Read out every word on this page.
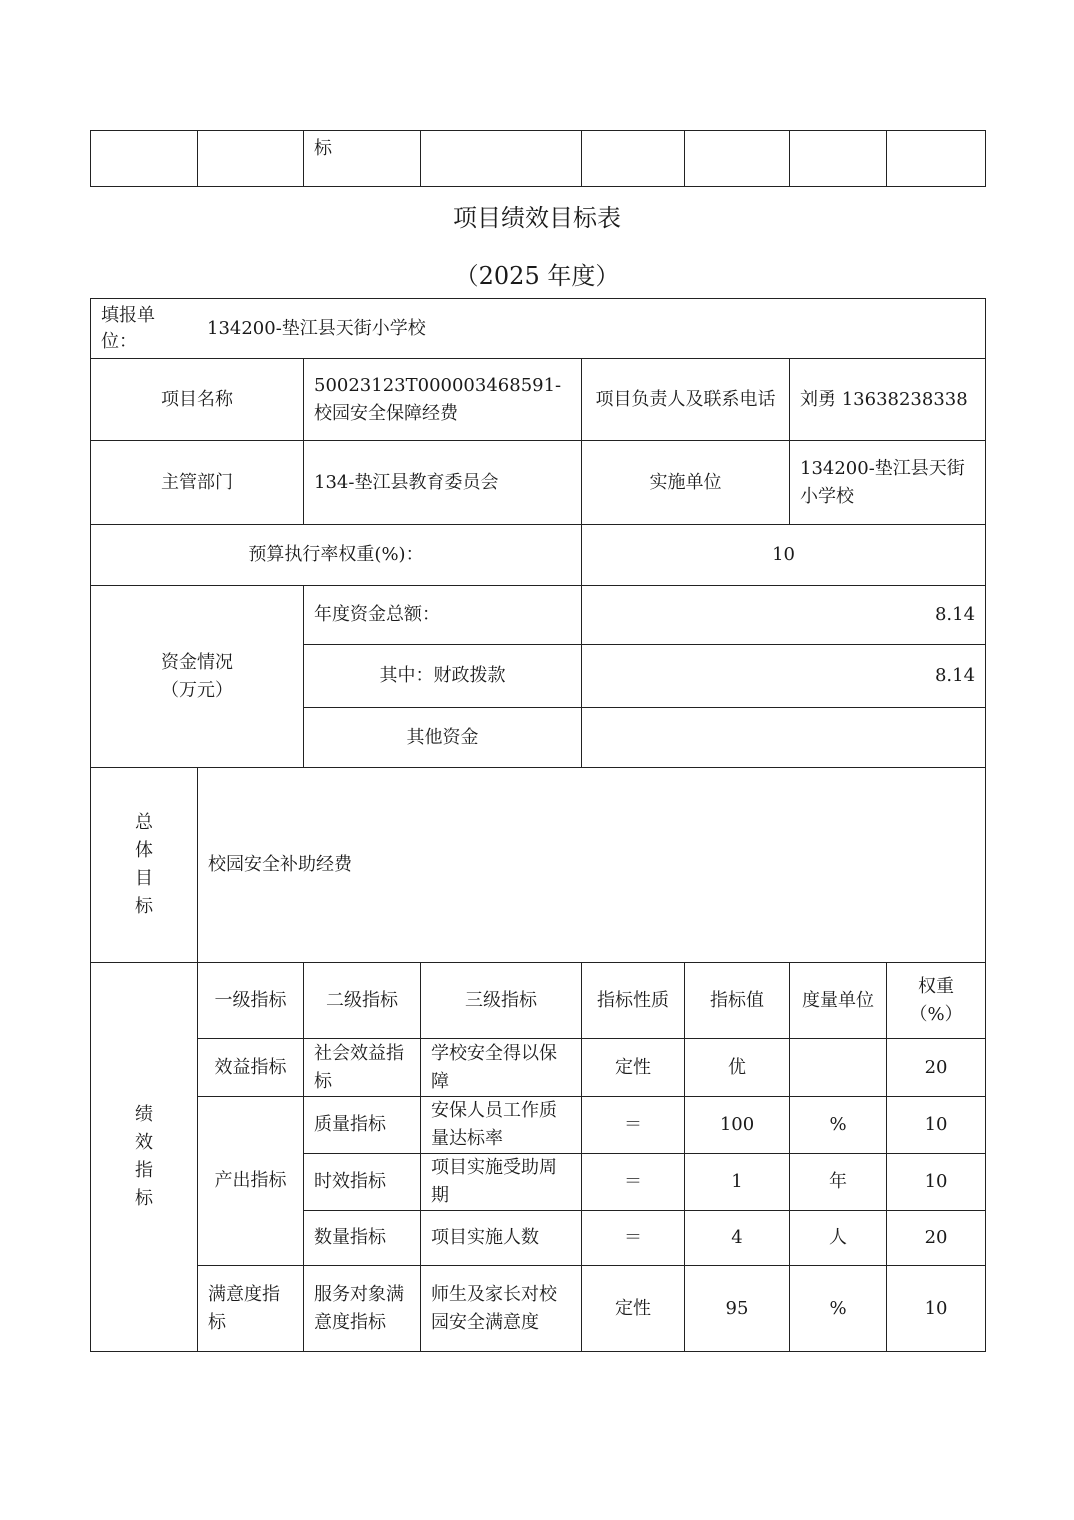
		标					
项目绩效目标表
（2025 年度）
填报单位：
134200-垫江县天街小学校							

项目名称		50023123T000003468591-校园安全保障经费		项目负责人及联系电话		刘勇 13638238338	
主管部门		134-垫江县教育委员会		实施单位		134200-垫江县天街小学校	
预算执行率权重(%)：				10			

资金情况（万元）		年度资金总额：		8.14			
		其中：财政拨款		8.14			
		其他资金					

总体目标	校园安全补助经费						

绩效指标	一级指标	二级指标	三级指标	指标性质	指标值	度量单位	权重（%）
	效益指标	社会效益指标	学校安全得以保障	定性	优		20
	产出指标	质量指标	安保人员工作质量达标率	＝	100	%	10
		时效指标	项目实施受助周期	＝	1	年	10
		数量指标	项目实施人数	＝	4	人	20
	满意度指标	服务对象满意度指标	师生及家长对校园安全满意度	定性	95	%	10
